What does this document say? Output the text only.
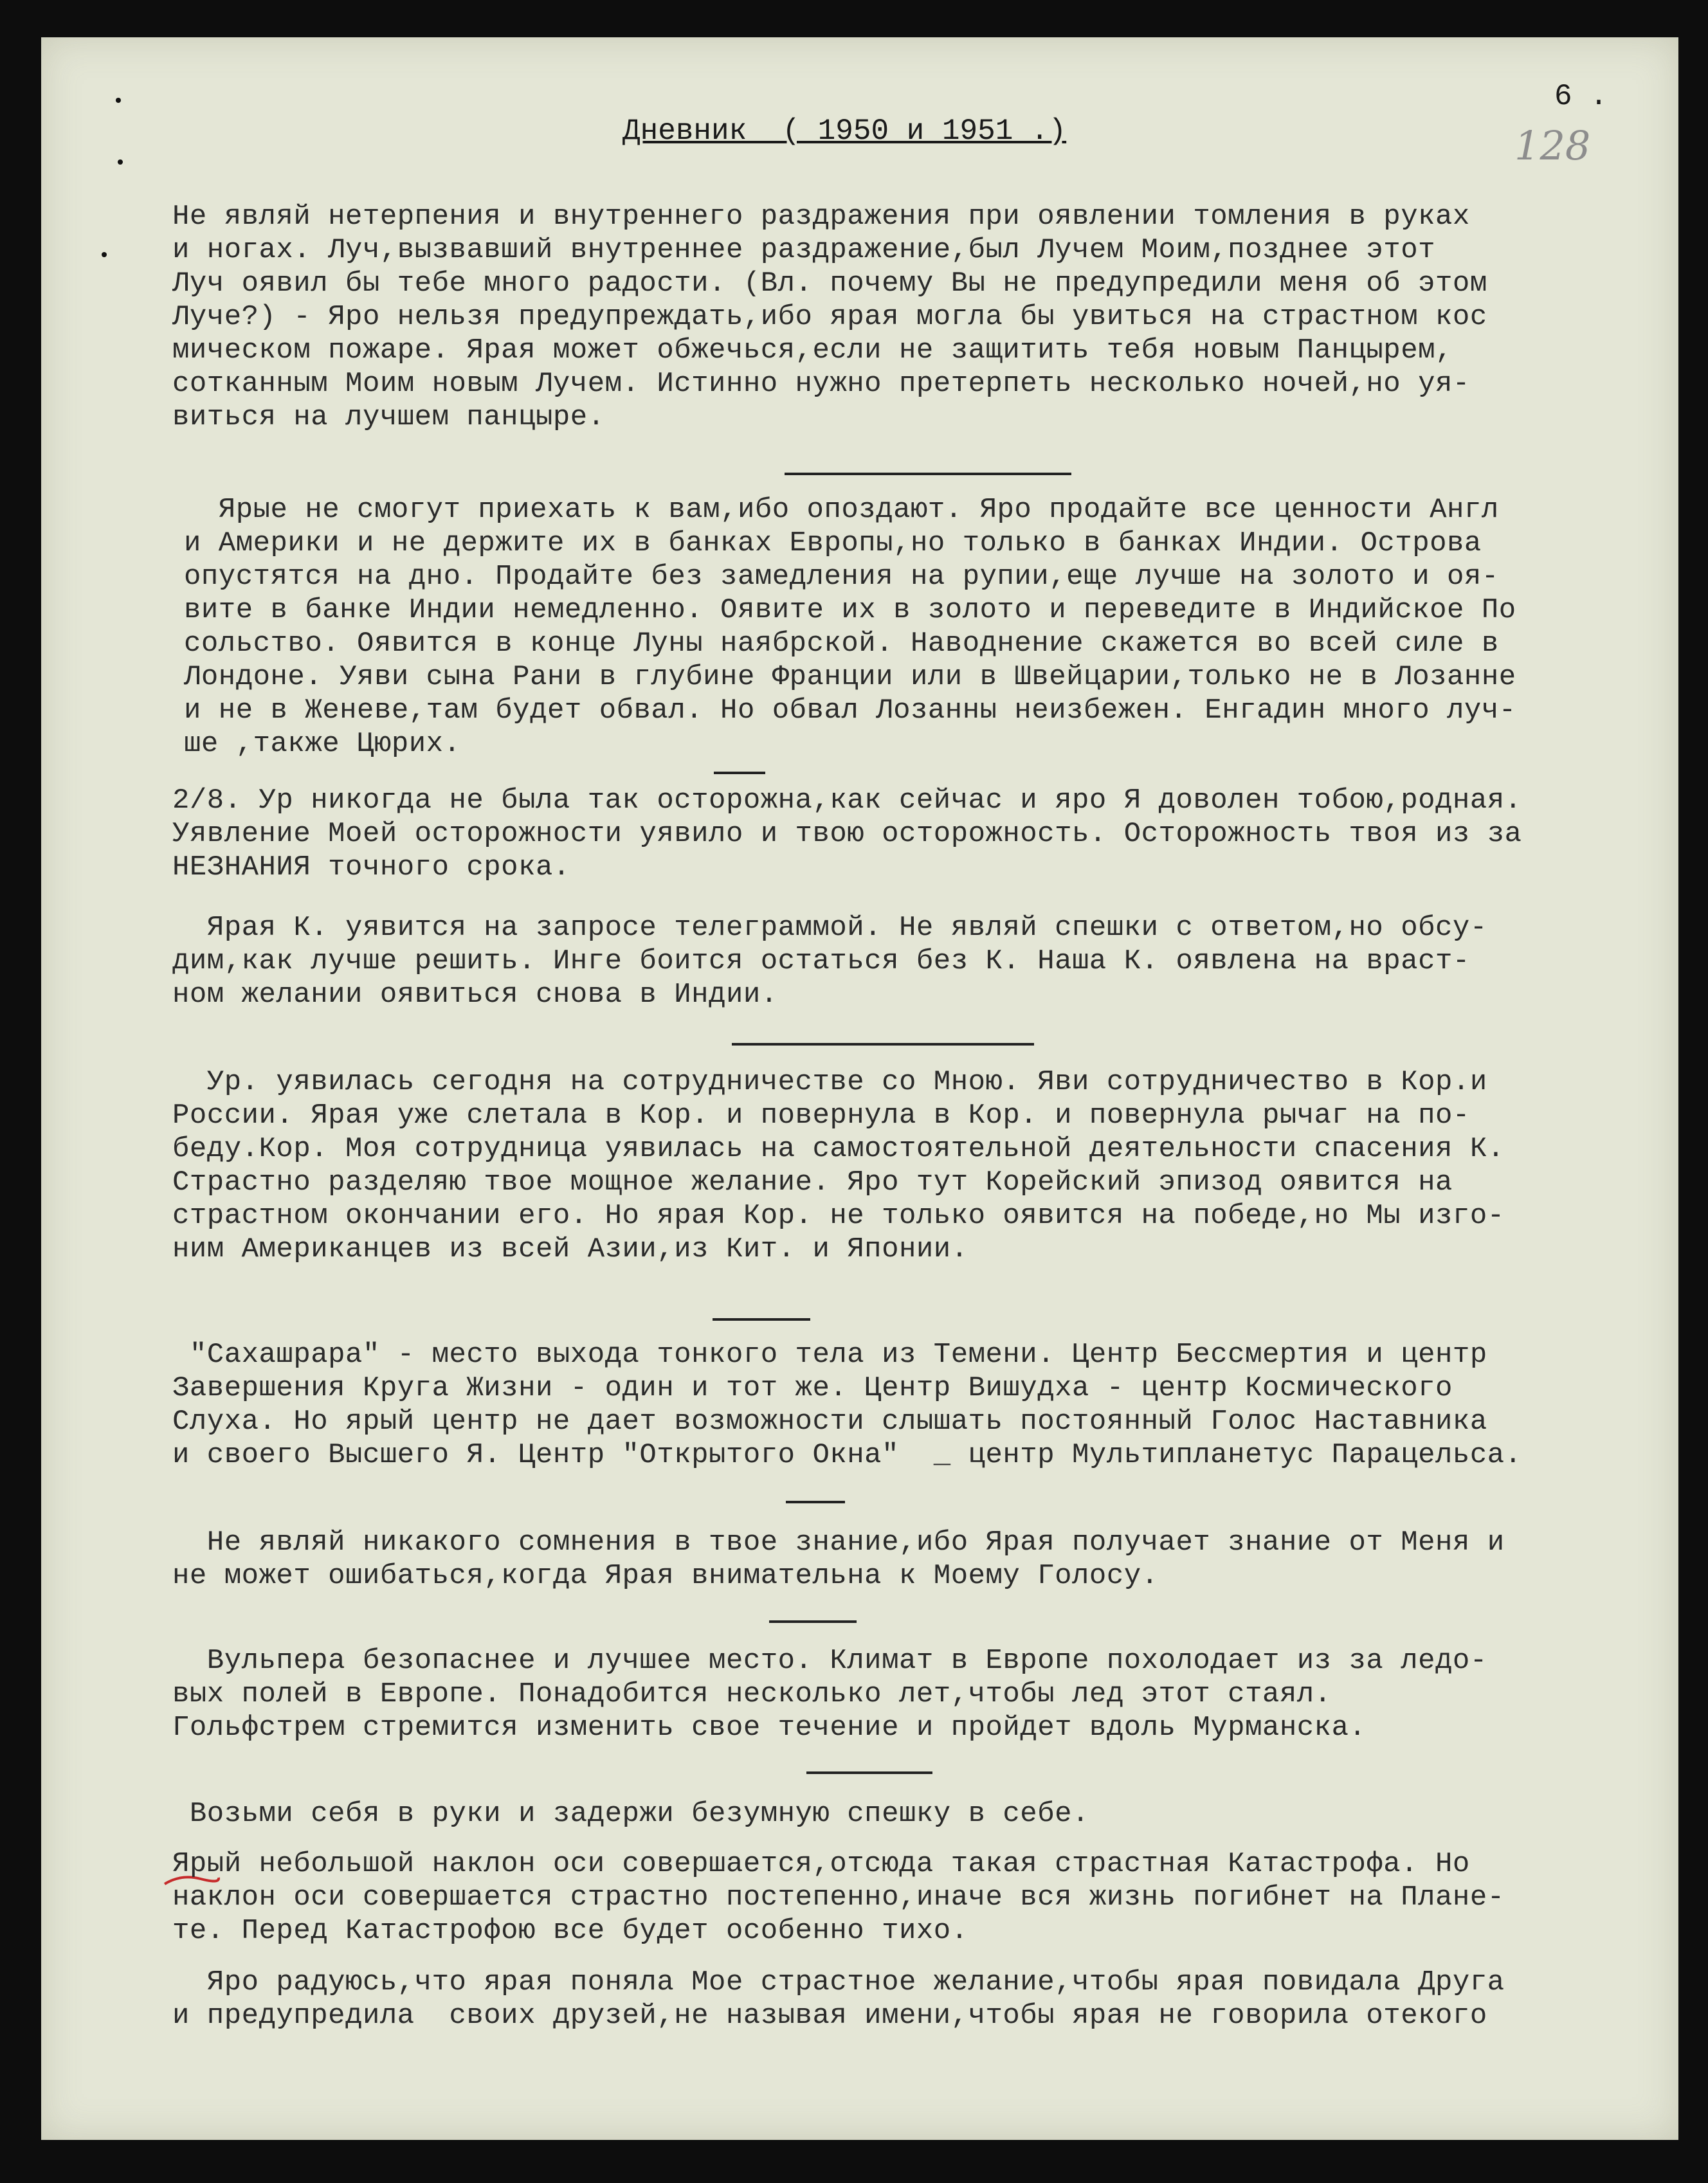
6 .
128
Дневник  ( 1950 и 1951 .)
Не являй нетерпения и внутреннего раздражения при оявлении томления в руках
и ногах. Луч,вызвавший внутреннее раздражение,был Лучем Моим,позднее этот
Луч оявил бы тебе много радости. (Вл. почему Вы не предупредили меня об этом
Луче?) - Яро нельзя предупреждать,ибо ярая могла бы увиться на страстном кос
мическом пожаре. Ярая может обжечься,если не защитить тебя новым Панцырем,
сотканным Моим новым Лучем. Истинно нужно претерпеть несколько ночей,но уя-
виться на лучшем панцыре.
Ярые не смогут приехать к вам,ибо опоздают. Яро продайте все ценности Англ
и Америки и не держите их в банках Европы,но только в банках Индии. Острова
опустятся на дно. Продайте без замедления на рупии,еще лучше на золото и оя-
вите в банке Индии немедленно. Оявите их в золото и переведите в Индийское По
сольство. Оявится в конце Луны наябрской. Наводнение скажется во всей силе в
Лондоне. Уяви сына Рани в глубине Франции или в Швейцарии,только не в Лозанне
и не в Женеве,там будет обвал. Но обвал Лозанны неизбежен. Енгадин много луч-
ше ,также Цюрих.
2/8. Ур никогда не была так осторожна,как сейчас и яро Я доволен тобою,родная.
Уявление Моей осторожности уявило и твою осторожность. Осторожность твоя из за
НЕЗНАНИЯ точного срока.
Ярая К. уявится на запросе телеграммой. Не являй спешки с ответом,но обсу-
дим,как лучше решить. Инге боится остаться без К. Наша К. оявлена на враст-
ном желании оявиться снова в Индии.
Ур. уявилась сегодня на сотрудничестве со Мною. Яви сотрудничество в Кор.и
России. Ярая уже слетала в Кор. и повернула в Кор. и повернула рычаг на по-
беду.Кор. Моя сотрудница уявилась на самостоятельной деятельности спасения К.
Страстно разделяю твое мощное желание. Яро тут Корейский эпизод оявится на
страстном окончании его. Но ярая Кор. не только оявится на победе,но Мы изго-
ним Американцев из всей Азии,из Кит. и Японии.
"Сахашрара" - место выхода тонкого тела из Темени. Центр Бессмертия и центр
Завершения Круга Жизни - один и тот же. Центр Вишудха - центр Космического
Слуха. Но ярый центр не дает возможности слышать постоянный Голос Наставника
и своего Высшего Я. Центр "Открытого Окна"  _ центр Мультипланетус Парацельса.
Не являй никакого сомнения в твое знание,ибо Ярая получает знание от Меня и
не может ошибаться,когда Ярая внимательна к Моему Голосу.
Вульпера безопаснее и лучшее место. Климат в Европе похолодает из за ледо-
вых полей в Европе. Понадобится несколько лет,чтобы лед этот стаял.
Гольфстрем стремится изменить свое течение и пройдет вдоль Мурманска.
Возьми себя в руки и задержи безумную спешку в себе.
Ярый небольшой наклон оси совершается,отсюда такая страстная Катастрофа. Но
наклон оси совершается страстно постепенно,иначе вся жизнь погибнет на Плане-
те. Перед Катастрофою все будет особенно тихо.
Яро радуюсь,что ярая поняла Мое страстное желание,чтобы ярая повидала Друга
и предупредила  своих друзей,не называя имени,чтобы ярая не говорила отекого
